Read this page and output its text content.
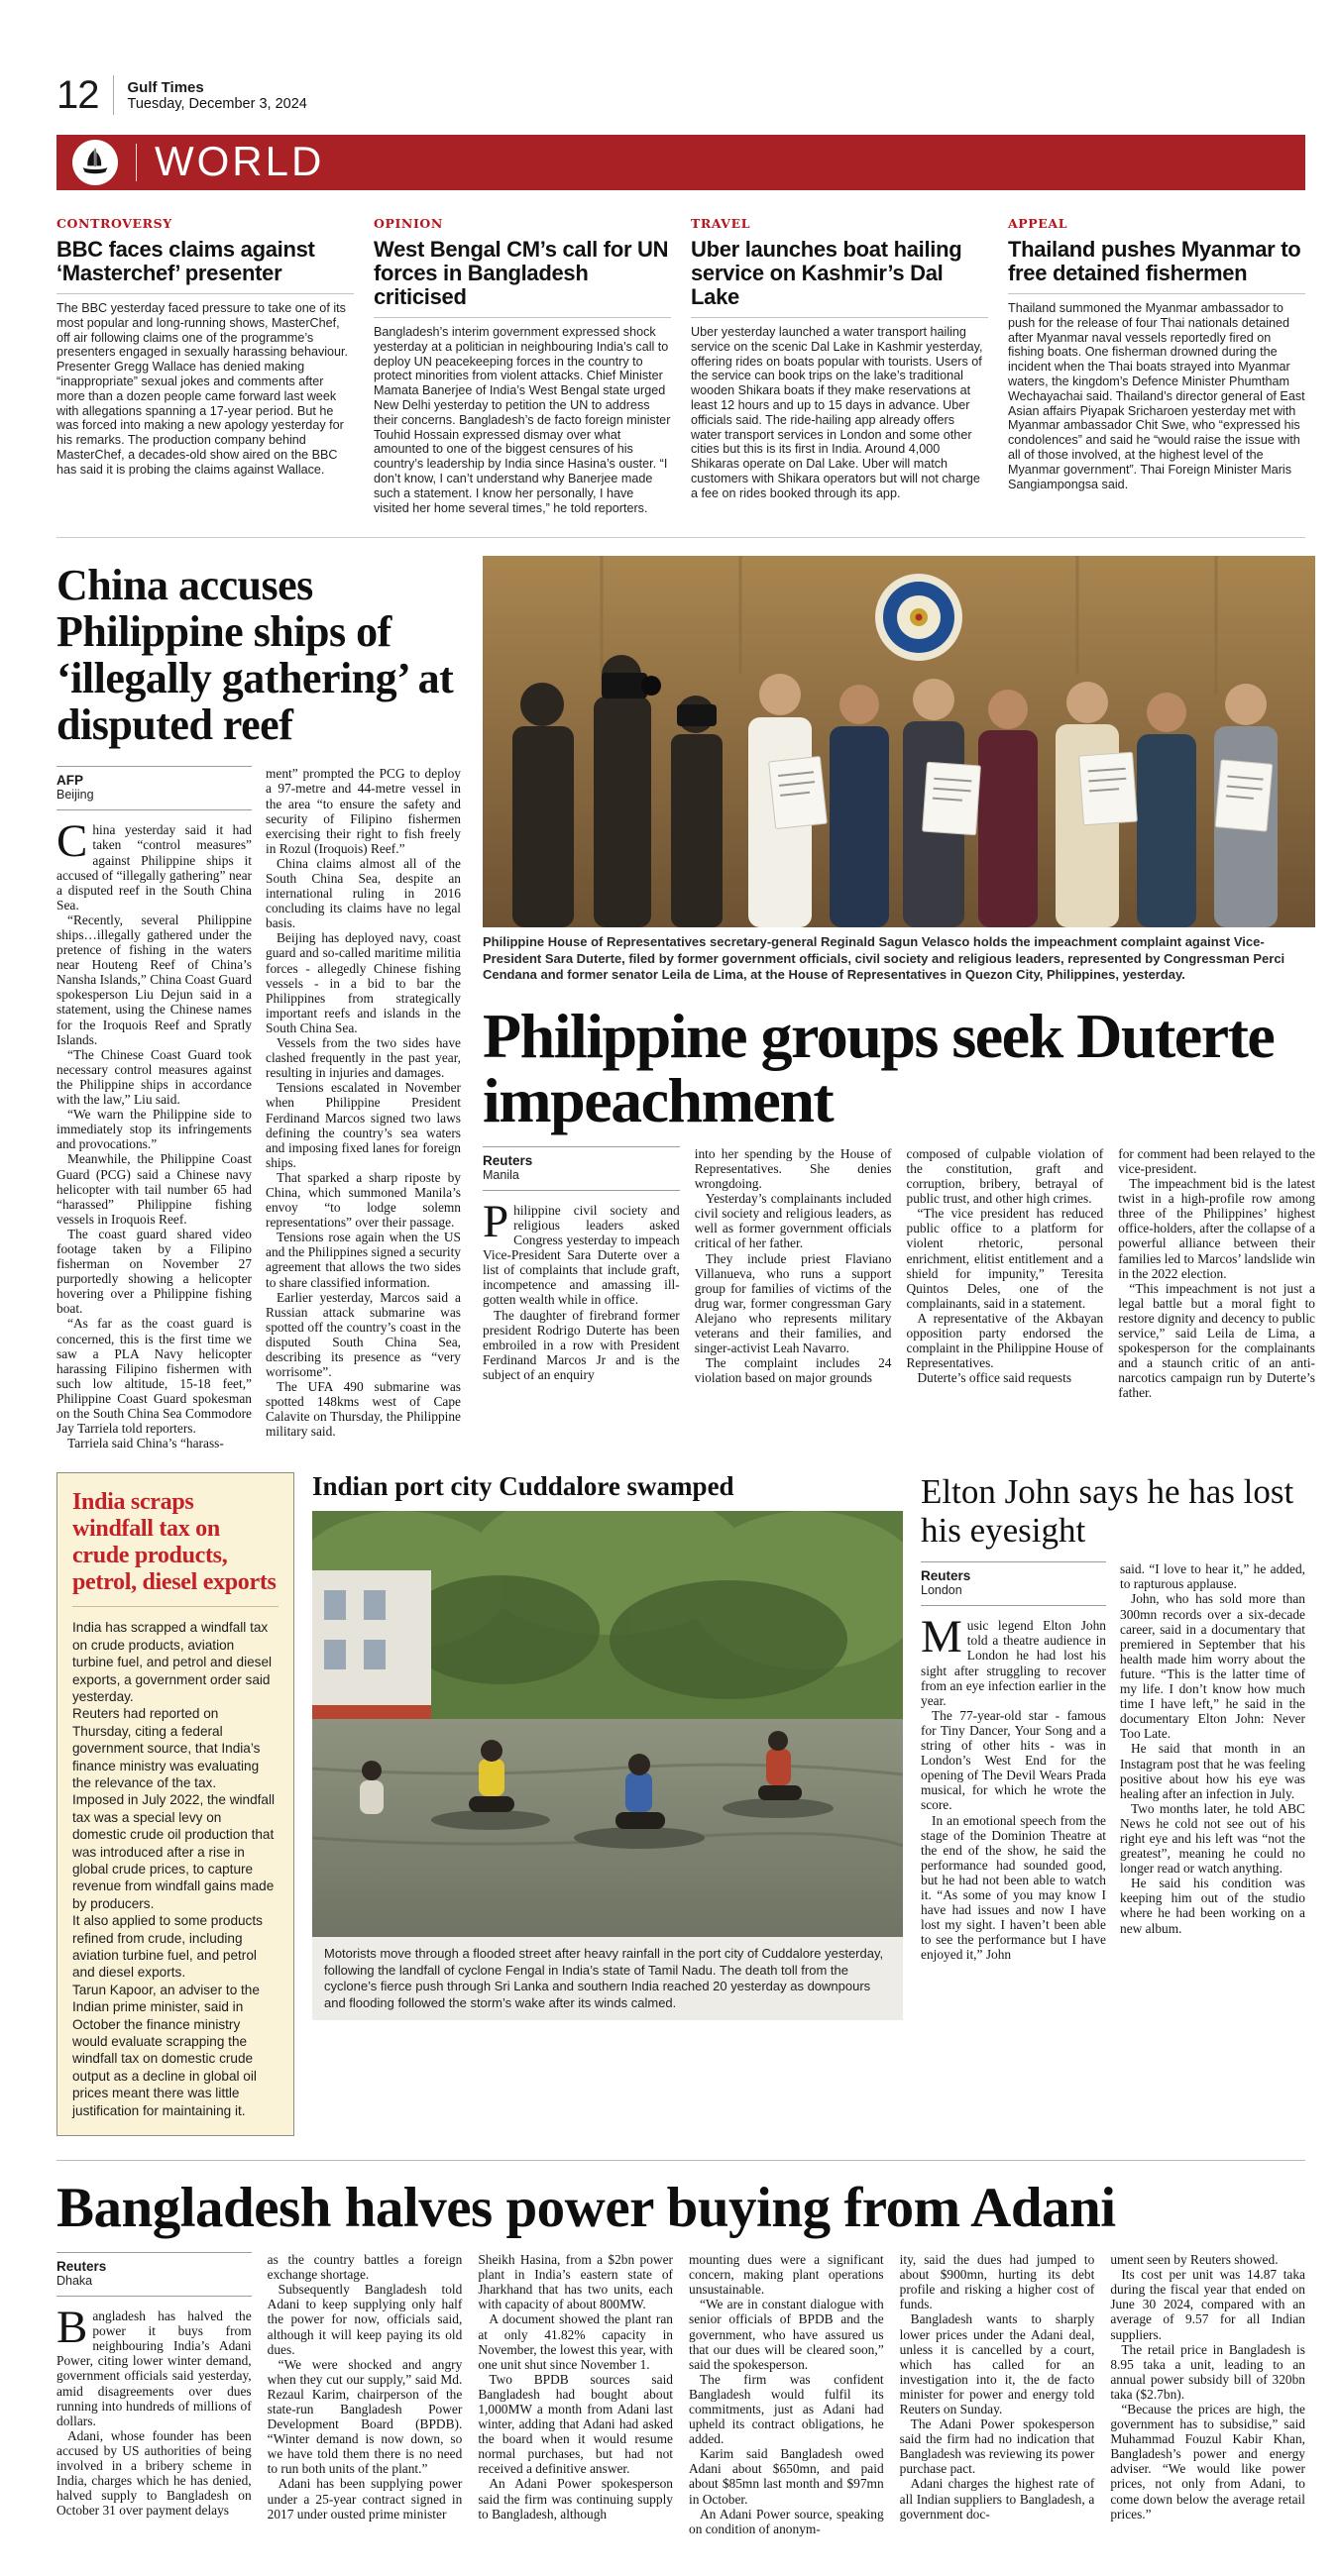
12 Gulf Times
Tuesday, December 3, 2024
WORLD
CONTROVERSY
BBC faces claims against ‘Masterchef’ presenter
The BBC yesterday faced pressure to take one of its most popular and long-running shows, MasterChef, off air following claims one of the programme’s presenters engaged in sexually harassing behaviour. Presenter Gregg Wallace has denied making “inappropriate” sexual jokes and comments after more than a dozen people came forward last week with allegations spanning a 17-year period. But he was forced into making a new apology yesterday for his remarks. The production company behind MasterChef, a decades-old show aired on the BBC has said it is probing the claims against Wallace.
OPINION
West Bengal CM’s call for UN forces in Bangladesh criticised
Bangladesh’s interim government expressed shock yesterday at a politician in neighbouring India’s call to deploy UN peacekeeping forces in the country to protect minorities from violent attacks. Chief Minister Mamata Banerjee of India’s West Bengal state urged New Delhi yesterday to petition the UN to address their concerns. Bangladesh’s de facto foreign minister Touhid Hossain expressed dismay over what amounted to one of the biggest censures of his country’s leadership by India since Hasina’s ouster. “I don’t know, I can’t understand why Banerjee made such a statement. I know her personally, I have visited her home several times,” he told reporters.
TRAVEL
Uber launches boat hailing service on Kashmir’s Dal Lake
Uber yesterday launched a water transport hailing service on the scenic Dal Lake in Kashmir yesterday, offering rides on boats popular with tourists. Users of the service can book trips on the lake’s traditional wooden Shikara boats if they make reservations at least 12 hours and up to 15 days in advance. Uber officials said. The ride-hailing app already offers water transport services in London and some other cities but this is its first in India. Around 4,000 Shikaras operate on Dal Lake. Uber will match customers with Shikara operators but will not charge a fee on rides booked through its app.
APPEAL
Thailand pushes Myanmar to free detained fishermen
Thailand summoned the Myanmar ambassador to push for the release of four Thai nationals detained after Myanmar naval vessels reportedly fired on fishing boats. One fisherman drowned during the incident when the Thai boats strayed into Myanmar waters, the kingdom’s Defence Minister Phumtham Wechayachai said. Thailand’s director general of East Asian affairs Piyapak Sricharoen yesterday met with Myanmar ambassador Chit Swe, who “expressed his condolences” and said he “would raise the issue with all of those involved, at the highest level of the Myanmar government”. Thai Foreign Minister Maris Sangiampongsa said.
China accuses Philippine ships of ‘illegally gathering’ at disputed reef
AFP
Beijing

China yesterday said it had taken “control measures” against Philippine ships it accused of “illegally gathering” near a disputed reef in the South China Sea.

“Recently, several Philippine ships…illegally gathered under the pretence of fishing in the waters near Houteng Reef of China’s Nansha Islands,” China Coast Guard spokesperson Liu Dejun said in a statement, using the Chinese names for the Iroquois Reef and Spratly Islands.

“The Chinese Coast Guard took necessary control measures against the Philippine ships in accordance with the law,” Liu said.

“We warn the Philippine side to immediately stop its infringements and provocations.”

Meanwhile, the Philippine Coast Guard (PCG) said a Chinese navy helicopter with tail number 65 had “harassed” Philippine fishing vessels in Iroquois Reef.

The coast guard shared video footage taken by a Filipino fisherman on November 27 purportedly showing a helicopter hovering over a Philippine fishing boat.

“As far as the coast guard is concerned, this is the first time we saw a PLA Navy helicopter harassing Filipino fishermen with such low altitude, 15-18 feet,” Philippine Coast Guard spokesman on the South China Sea Commodore Jay Tarriela told reporters.

Tarriela said China’s “harass-

ment” prompted the PCG to deploy a 97-metre and 44-metre vessel in the area “to ensure the safety and security of Filipino fishermen exercising their right to fish freely in Rozul (Iroquois) Reef.”

China claims almost all of the South China Sea, despite an international ruling in 2016 concluding its claims have no legal basis.

Beijing has deployed navy, coast guard and so-called maritime militia forces - allegedly Chinese fishing vessels - in a bid to bar the Philippines from strategically important reefs and islands in the South China Sea.

Vessels from the two sides have clashed frequently in the past year, resulting in injuries and damages.

Tensions escalated in November when Philippine President Ferdinand Marcos signed two laws defining the country’s sea waters and imposing fixed lanes for foreign ships.

That sparked a sharp riposte by China, which summoned Manila’s envoy “to lodge solemn representations” over their passage.

Tensions rose again when the US and the Philippines signed a security agreement that allows the two sides to share classified information.

Earlier yesterday, Marcos said a Russian attack submarine was spotted off the country’s coast in the disputed South China Sea, describing its presence as “very worrisome”.

The UFA 490 submarine was spotted 148kms west of Cape Calavite on Thursday, the Philippine military said.

Philippine House of Representatives secretary-general Reginald Sagun Velasco holds the impeachment complaint against Vice-President Sara Duterte, filed by former government officials, civil society and religious leaders, represented by Congressman Perci Cendana and former senator Leila de Lima, at the House of Representatives in Quezon City, Philippines, yesterday.
Philippine groups seek Duterte impeachment
Reuters
Manila

Philippine civil society and religious leaders asked Congress yesterday to impeach Vice-President Sara Duterte over a list of complaints that include graft, incompetence and amassing ill-gotten wealth while in office.

The daughter of firebrand former president Rodrigo Duterte has been embroiled in a row with President Ferdinand Marcos Jr and is the subject of an enquiry

into her spending by the House of Representatives. She denies wrongdoing.

Yesterday’s complainants included civil society and religious leaders, as well as former government officials critical of her father.

They include priest Flaviano Villanueva, who runs a support group for families of victims of the drug war, former congressman Gary Alejano who represents military veterans and their families, and singer-activist Leah Navarro.

The complaint includes 24 violation based on major grounds

composed of culpable violation of the constitution, graft and corruption, bribery, betrayal of public trust, and other high crimes.

“The vice president has reduced public office to a platform for violent rhetoric, personal enrichment, elitist entitlement and a shield for impunity,” Teresita Quintos Deles, one of the complainants, said in a statement.

A representative of the Akbayan opposition party endorsed the complaint in the Philippine House of Representatives.

Duterte’s office said requests

for comment had been relayed to the vice-president.

The impeachment bid is the latest twist in a high-profile row among three of the Philippines’ highest office-holders, after the collapse of a powerful alliance between their families led to Marcos’ landslide win in the 2022 election.

“This impeachment is not just a legal battle but a moral fight to restore dignity and decency to public service,” said Leila de Lima, a spokesperson for the complainants and a staunch critic of an anti-narcotics campaign run by Duterte’s father.

India scraps windfall tax on crude products, petrol, diesel exports

India has scrapped a windfall tax on crude products, aviation turbine fuel, and petrol and diesel exports, a government order said yesterday.

Reuters had reported on Thursday, citing a federal government source, that India’s finance ministry was evaluating the relevance of the tax.

Imposed in July 2022, the windfall tax was a special levy on domestic crude oil production that was introduced after a rise in global crude prices, to capture revenue from windfall gains made by producers.

It also applied to some products refined from crude, including aviation turbine fuel, and petrol and diesel exports.

Tarun Kapoor, an adviser to the Indian prime minister, said in October the finance ministry would evaluate scrapping the windfall tax on domestic crude output as a decline in global oil prices meant there was little justification for maintaining it.

Indian port city Cuddalore swamped
Motorists move through a flooded street after heavy rainfall in the port city of Cuddalore yesterday, following the landfall of cyclone Fengal in India’s state of Tamil Nadu. The death toll from the cyclone’s fierce push through Sri Lanka and southern India reached 20 yesterday as downpours and flooding followed the storm’s wake after its winds calmed.
Elton John says he has lost his eyesight
Reuters
London

Music legend Elton John told a theatre audience in London he had lost his sight after struggling to recover from an eye infection earlier in the year.

The 77-year-old star - famous for Tiny Dancer, Your Song and a string of other hits - was in London’s West End for the opening of The Devil Wears Prada musical, for which he wrote the score.

In an emotional speech from the stage of the Dominion Theatre at the end of the show, he said the performance had sounded good, but he had not been able to watch it. “As some of you may know I have had issues and now I have lost my sight. I haven’t been able to see the performance but I have enjoyed it,” John

said. “I love to hear it,” he added, to rapturous applause.

John, who has sold more than 300mn records over a six-decade career, said in a documentary that premiered in September that his health made him worry about the future. “This is the latter time of my life. I don’t know how much time I have left,” he said in the documentary Elton John: Never Too Late.

He said that month in an Instagram post that he was feeling positive about how his eye was healing after an infection in July.

Two months later, he told ABC News he cold not see out of his right eye and his left was “not the greatest”, meaning he could no longer read or watch anything.

He said his condition was keeping him out of the studio where he had been working on a new album.

Bangladesh halves power buying from Adani
Reuters
Dhaka

Bangladesh has halved the power it buys from neighbouring India’s Adani Power, citing lower winter demand, government officials said yesterday, amid disagreements over dues running into hundreds of millions of dollars.

Adani, whose founder has been accused by US authorities of being involved in a bribery scheme in India, charges which he has denied, halved supply to Bangladesh on October 31 over payment delays

as the country battles a foreign exchange shortage.

Subsequently Bangladesh told Adani to keep supplying only half the power for now, officials said, although it will keep paying its old dues.

“We were shocked and angry when they cut our supply,” said Md. Rezaul Karim, chairperson of the state-run Bangladesh Power Development Board (BPDB). “Winter demand is now down, so we have told them there is no need to run both units of the plant.”

Adani has been supplying power under a 25-year contract signed in 2017 under ousted prime minister

Sheikh Hasina, from a $2bn power plant in India’s eastern state of Jharkhand that has two units, each with capacity of about 800MW.

A document showed the plant ran at only 41.82% capacity in November, the lowest this year, with one unit shut since November 1.

Two BPDB sources said Bangladesh had bought about 1,000MW a month from Adani last winter, adding that Adani had asked the board when it would resume normal purchases, but had not received a definitive answer.

An Adani Power spokesperson said the firm was continuing supply to Bangladesh, although

mounting dues were a significant concern, making plant operations unsustainable.

“We are in constant dialogue with senior officials of BPDB and the government, who have assured us that our dues will be cleared soon,” said the spokesperson.

The firm was confident Bangladesh would fulfil its commitments, just as Adani had upheld its contract obligations, he added.

Karim said Bangladesh owed Adani about $650mn, and paid about $85mn last month and $97mn in October.

An Adani Power source, speaking on condition of anonym-

ity, said the dues had jumped to about $900mn, hurting its debt profile and risking a higher cost of funds.

Bangladesh wants to sharply lower prices under the Adani deal, unless it is cancelled by a court, which has called for an investigation into it, the de facto minister for power and energy told Reuters on Sunday.

The Adani Power spokesperson said the firm had no indication that Bangladesh was reviewing its power purchase pact.

Adani charges the highest rate of all Indian suppliers to Bangladesh, a government doc-

ument seen by Reuters showed.

Its cost per unit was 14.87 taka during the fiscal year that ended on June 30 2024, compared with an average of 9.57 for all Indian suppliers.

The retail price in Bangladesh is 8.95 taka a unit, leading to an annual power subsidy bill of 320bn taka ($2.7bn).

“Because the prices are high, the government has to subsidise,” said Muhammad Fouzul Kabir Khan, Bangladesh’s power and energy adviser. “We would like power prices, not only from Adani, to come down below the average retail prices.”
